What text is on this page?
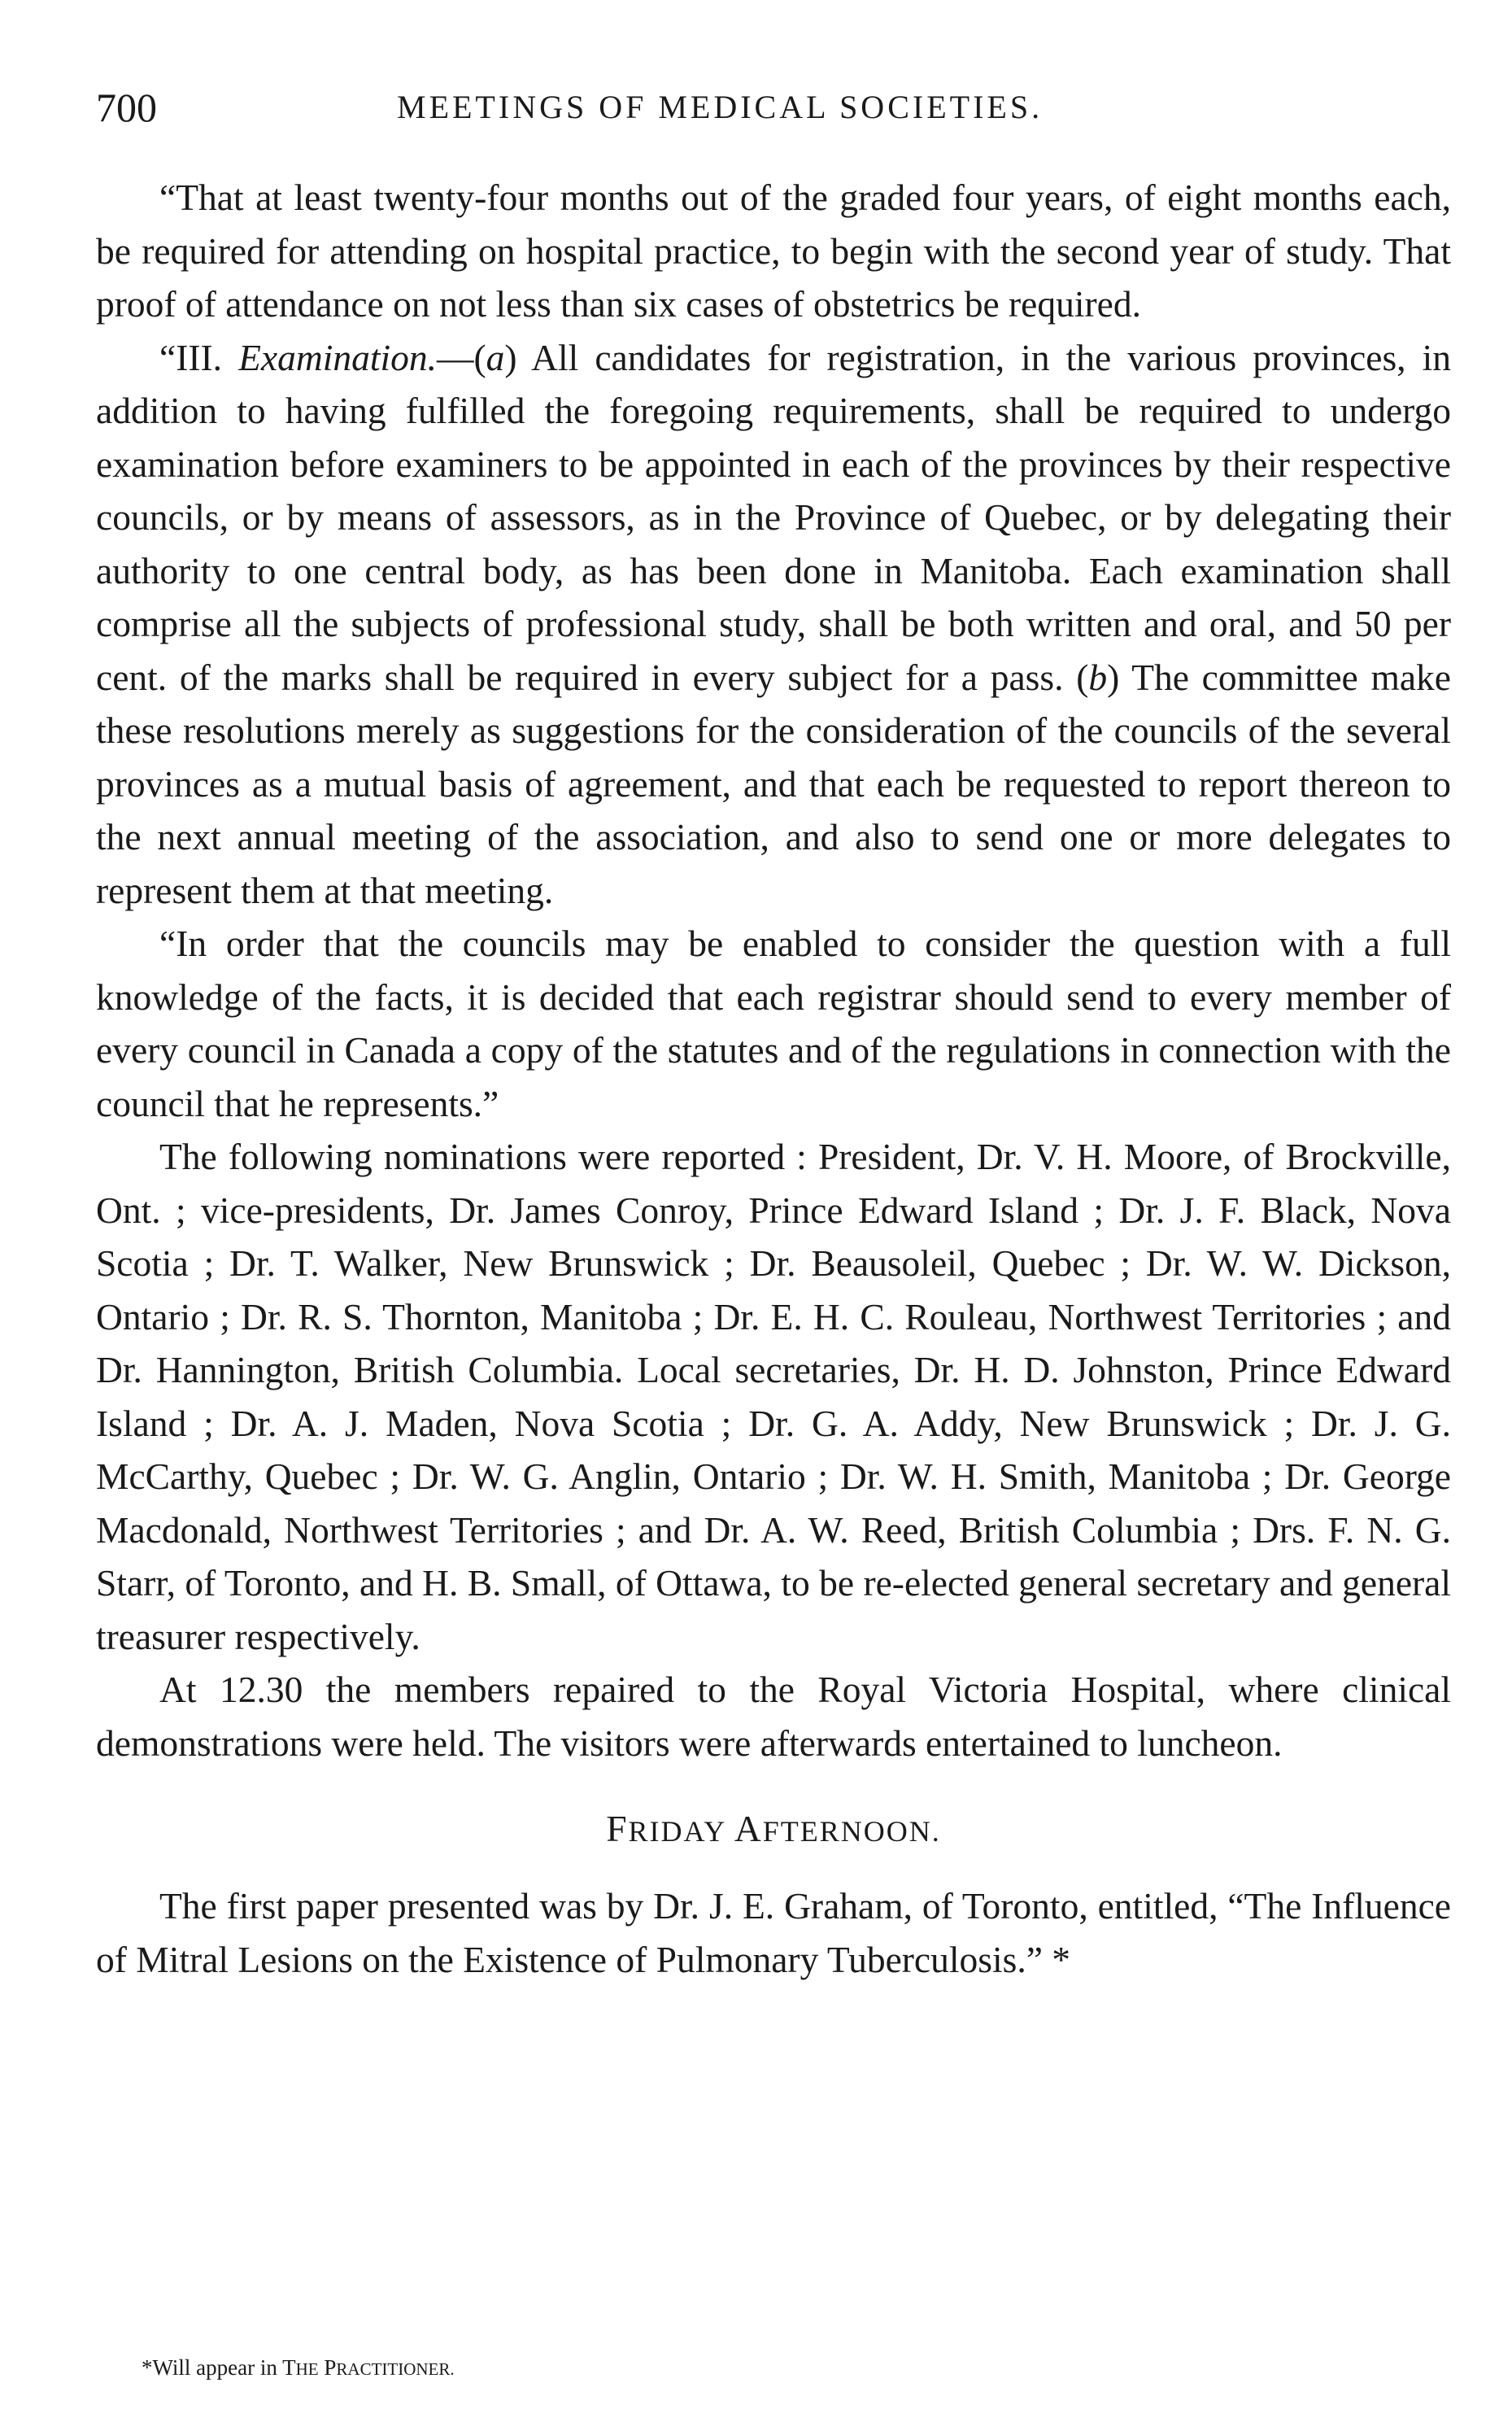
700	MEETINGS OF MEDICAL SOCIETIES.

“That at least twenty-four months out of the graded four years, of eight months each, be required for attending on hospital practice, to begin with the second year of study. That proof of attendance on not less than six cases of obstetrics be required.

“III. Examination.—(a) All candidates for registration, in the various provinces, in addition to having fulfilled the foregoing requirements, shall be required to undergo examination before examiners to be appointed in each of the provinces by their respective councils, or by means of assessors, as in the Province of Quebec, or by delegating their authority to one central body, as has been done in Manitoba. Each examination shall comprise all the subjects of professional study, shall be both written and oral, and 50 per cent. of the marks shall be required in every subject for a pass. (b) The committee make these resolutions merely as suggestions for the consideration of the councils of the several provinces as a mutual basis of agreement, and that each be requested to report thereon to the next annual meeting of the association, and also to send one or more delegates to represent them at that meeting.

“In order that the councils may be enabled to consider the question with a full knowledge of the facts, it is decided that each registrar should send to every member of every council in Canada a copy of the statutes and of the regulations in connection with the council that he represents.”

The following nominations were reported : President, Dr. V. H. Moore, of Brockville, Ont. ; vice-presidents, Dr. James Conroy, Prince Edward Island ; Dr. J. F. Black, Nova Scotia ; Dr. T. Walker, New Brunswick ; Dr. Beausoleil, Quebec ; Dr. W. W. Dickson, Ontario ; Dr. R. S. Thornton, Manitoba ; Dr. E. H. C. Rouleau, Northwest Territories ; and Dr. Hannington, British Columbia. Local secretaries, Dr. H. D. Johnston, Prince Edward Island ; Dr. A. J. Maden, Nova Scotia ; Dr. G. A. Addy, New Brunswick ; Dr. J. G. McCarthy, Quebec ; Dr. W. G. Anglin, Ontario ; Dr. W. H. Smith, Manitoba ; Dr. George Macdonald, Northwest Territories ; and Dr. A. W. Reed, British Columbia ; Drs. F. N. G. Starr, of Toronto, and H. B. Small, of Ottawa, to be re-elected general secretary and general treasurer respectively.

At 12.30 the members repaired to the Royal Victoria Hospital, where clinical demonstrations were held. The visitors were afterwards entertained to luncheon.

FRIDAY AFTERNOON.

The first paper presented was by Dr. J. E. Graham, of Toronto, entitled, “The Influence of Mitral Lesions on the Existence of Pulmonary Tuberculosis.” *

*Will appear in THE PRACTITIONER.
